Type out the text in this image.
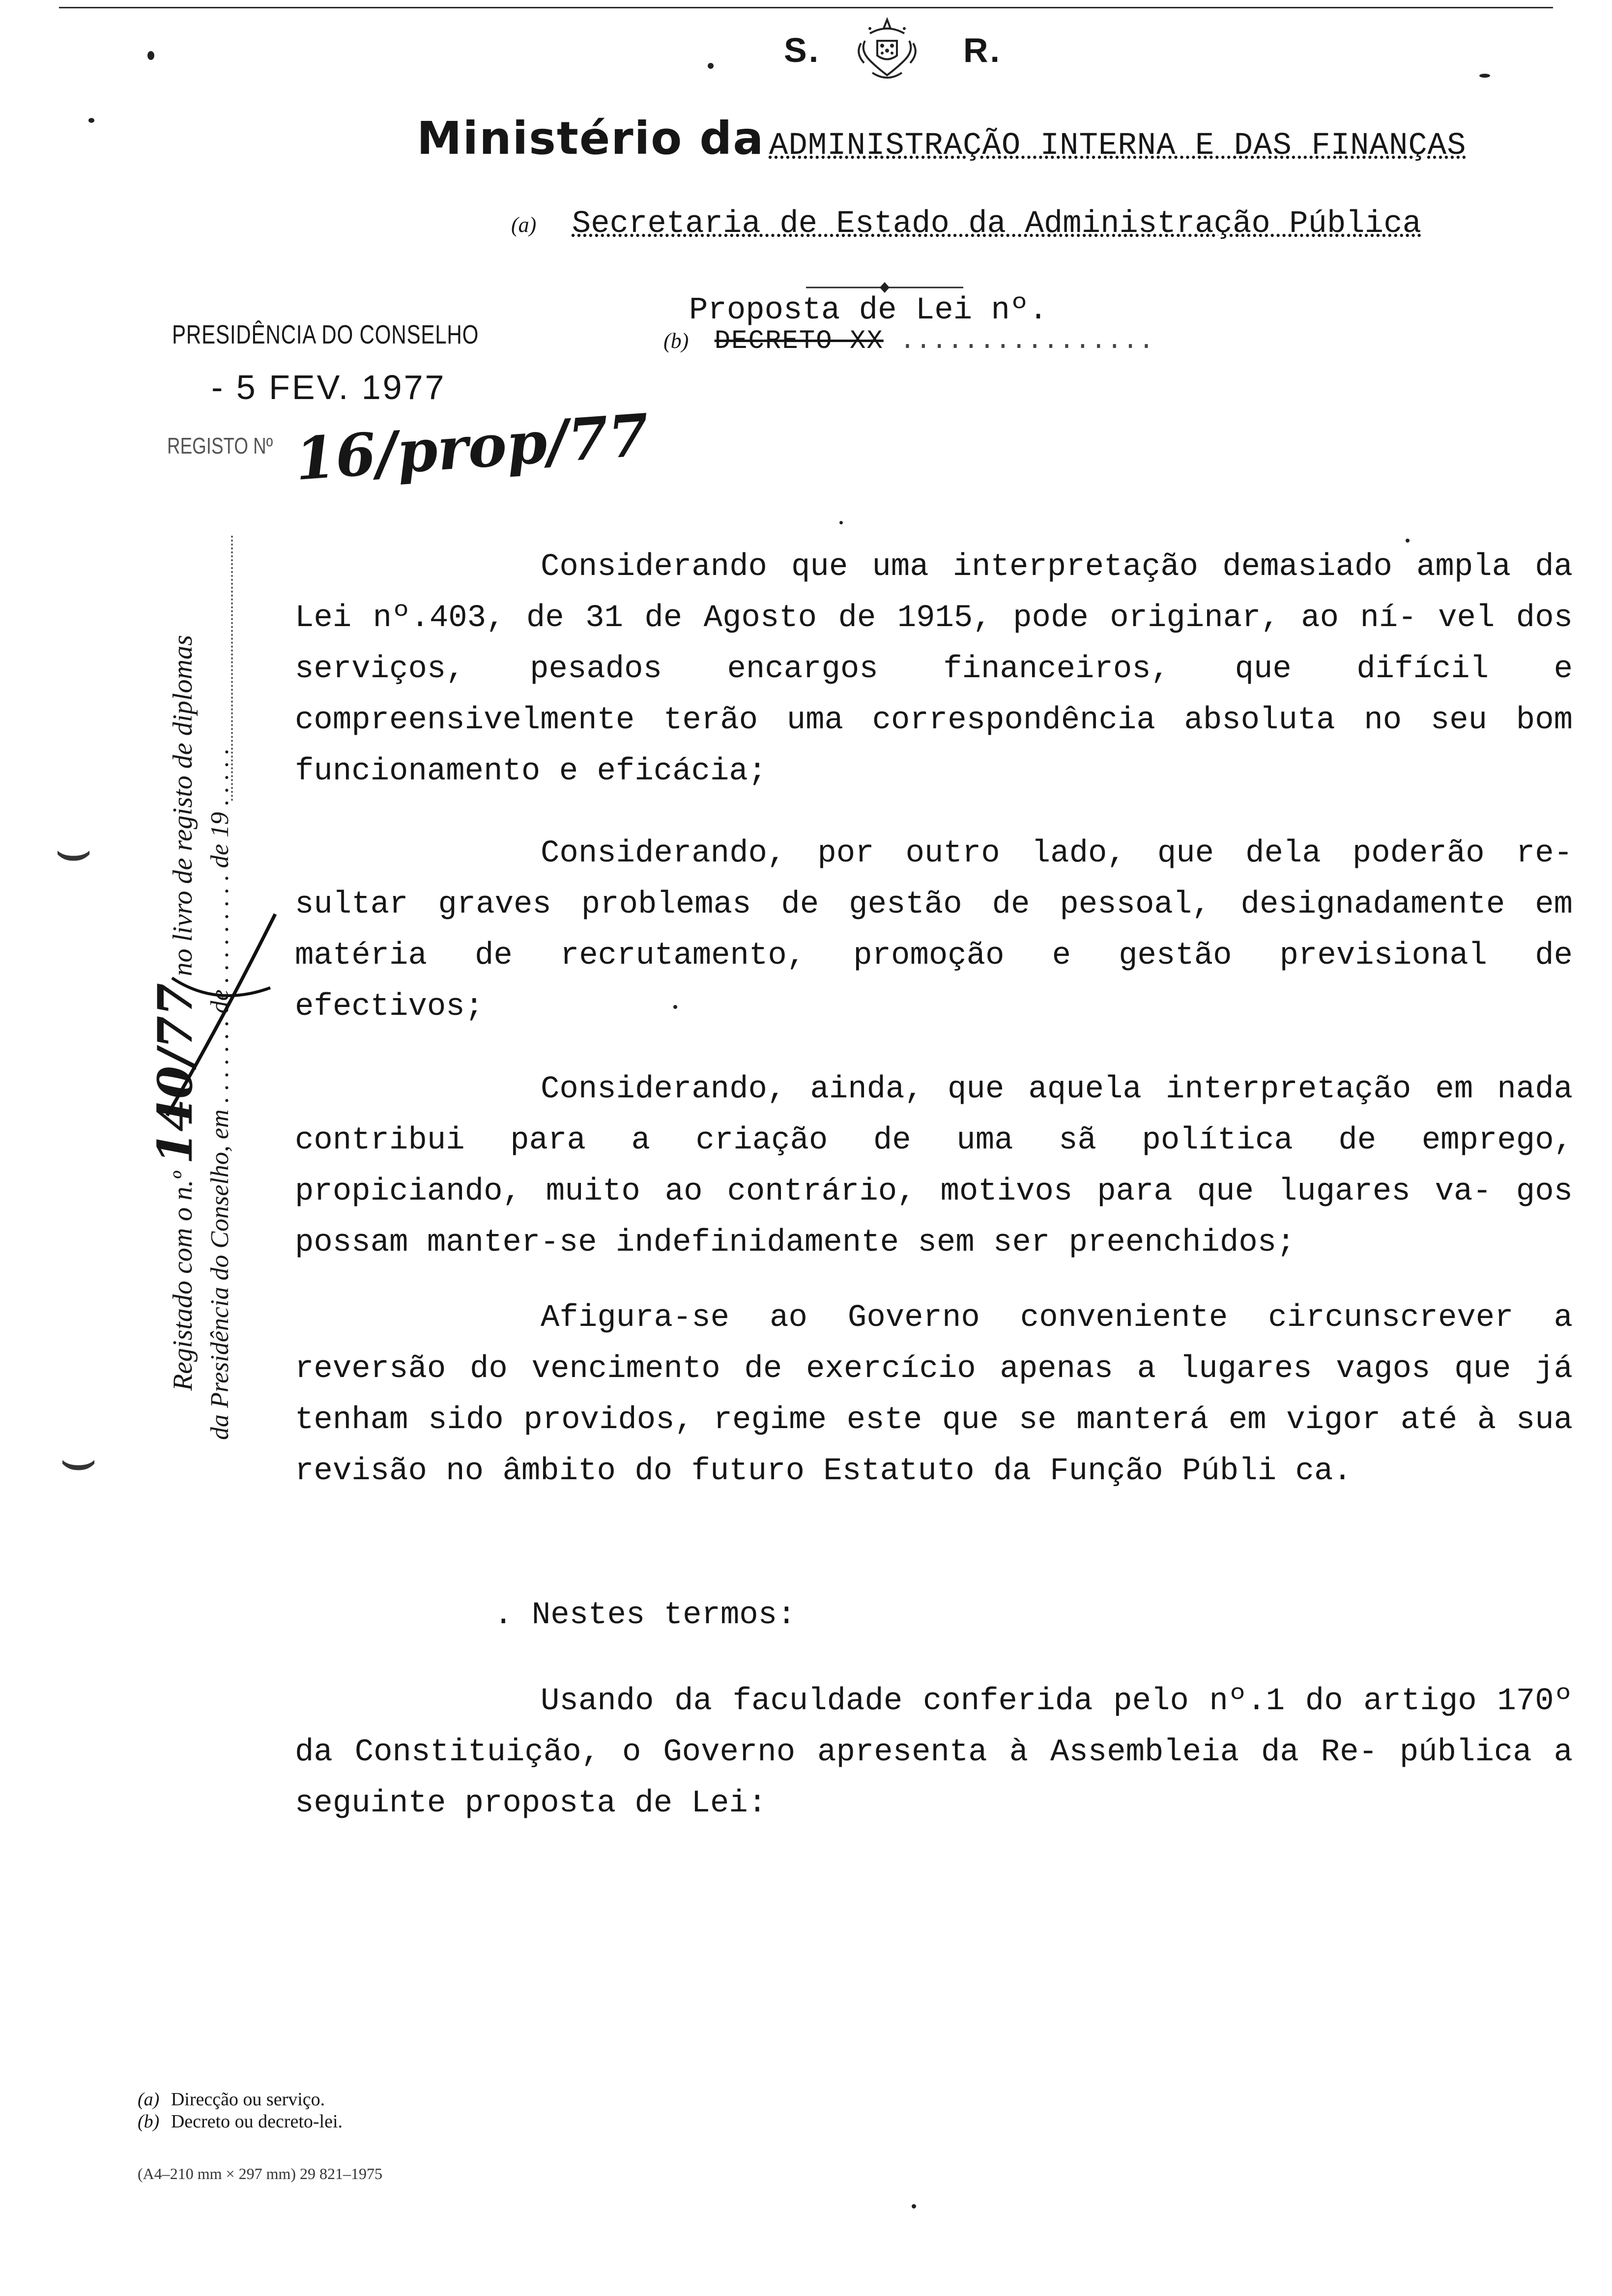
S.	R.
Ministério da ADMINISTRAÇÃO INTERNA E DAS FINANÇAS
(a) Secretaria de Estado da Administração Pública
Proposta de Lei nº.
(b) DECRETO XX ................
PRESIDÊNCIA DO CONSELHO
- 5 FEV. 1977
REGISTO Nº 16/prop/77
Registado com o n.º 140/77 no livro de registo de diplomas
da Presidência do Conselho, em . . . . . . . de . . . . . . . . . de 19 . . . . .
⌣
⌣

Considerando que uma interpretação demasiado ampla da Lei nº.403, de 31 de Agosto de 1915, pode originar, ao ní- vel dos serviços, pesados encargos financeiros, que difícil e compreensivelmente terão uma correspondência absoluta no seu bom funcionamento e eficácia;

Considerando, por outro lado, que dela poderão re- sultar graves problemas de gestão de pessoal, designadamente em matéria de recrutamento, promoção e gestão previsional de efectivos;

Considerando, ainda, que aquela interpretação em nada contribui para a criação de uma sã política de emprego, propiciando, muito ao contrário, motivos para que lugares va- gos possam manter-se indefinidamente sem ser preenchidos;

Afigura-se ao Governo conveniente circunscrever a reversão do vencimento de exercício apenas a lugares vagos que já tenham sido providos, regime este que se manterá em vigor até à sua revisão no âmbito do futuro Estatuto da Função Públi ca.

. Nestes termos:

Usando da faculdade conferida pelo nº.1 do artigo 170º da Constituição, o Governo apresenta à Assembleia da Re- pública a seguinte proposta de Lei:

(a) Direcção ou serviço.
(b) Decreto ou decreto-lei.
(A4–210 mm × 297 mm) 29 821–1975
